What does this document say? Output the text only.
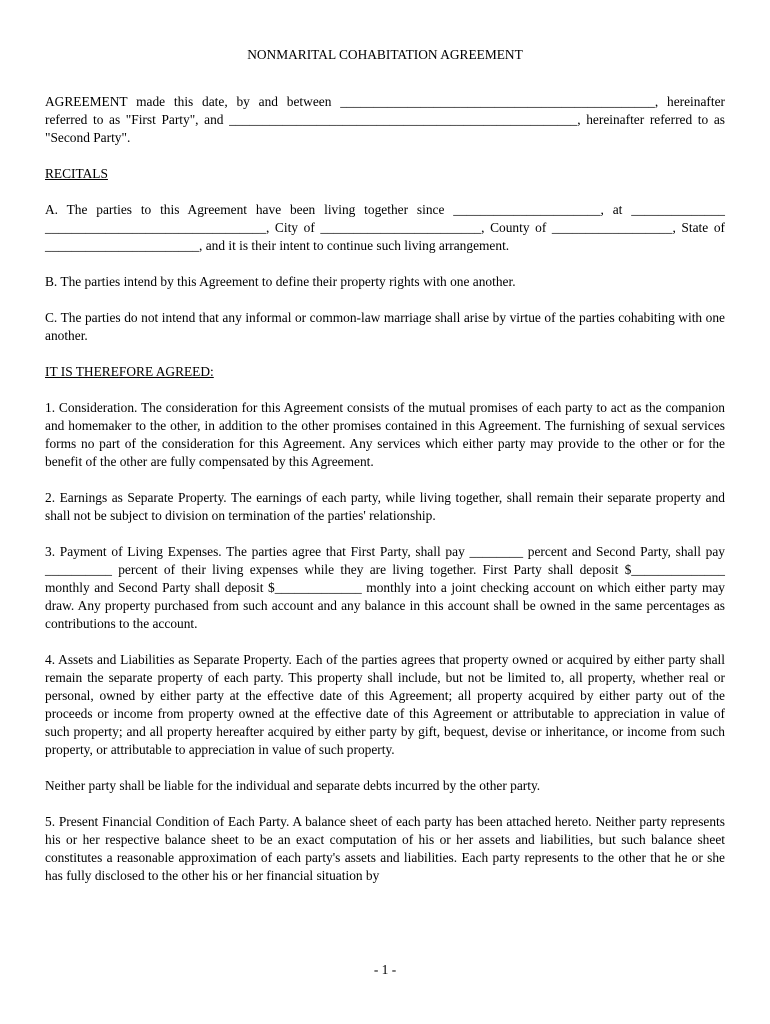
NONMARITAL COHABITATION AGREEMENT

AGREEMENT made this date, by and between _______________________________________________, hereinafter referred to as "First Party", and ____________________________________________________, hereinafter referred to as "Second Party".

RECITALS

A. The parties to this Agreement have been living together since ______________________, at ______________ _________________________________, City of ________________________, County of __________________, State of _______________________, and it is their intent to continue such living arrangement.

B. The parties intend by this Agreement to define their property rights with one another.

C. The parties do not intend that any informal or common-law marriage shall arise by virtue of the parties cohabiting with one another.

IT IS THEREFORE AGREED:

1. Consideration. The consideration for this Agreement consists of the mutual promises of each party to act as the companion and homemaker to the other, in addition to the other promises contained in this Agreement. The furnishing of sexual services forms no part of the consideration for this Agreement. Any services which either party may provide to the other or for the benefit of the other are fully compensated by this Agreement.

2. Earnings as Separate Property. The earnings of each party, while living together, shall remain their separate property and shall not be subject to division on termination of the parties' relationship.

3. Payment of Living Expenses. The parties agree that First Party, shall pay ________ percent and Second Party, shall pay __________ percent of their living expenses while they are living together. First Party shall deposit $______________ monthly and Second Party shall deposit $_____________ monthly into a joint checking account on which either party may draw. Any property purchased from such account and any balance in this account shall be owned in the same percentages as contributions to the account.

4. Assets and Liabilities as Separate Property. Each of the parties agrees that property owned or acquired by either party shall remain the separate property of each party. This property shall include, but not be limited to, all property, whether real or personal, owned by either party at the effective date of this Agreement; all property acquired by either party out of the proceeds or income from property owned at the effective date of this Agreement or attributable to appreciation in value of such property; and all property hereafter acquired by either party by gift, bequest, devise or inheritance, or income from such property, or attributable to appreciation in value of such property.

Neither party shall be liable for the individual and separate debts incurred by the other party.

5. Present Financial Condition of Each Party. A balance sheet of each party has been attached hereto. Neither party represents his or her respective balance sheet to be an exact computation of his or her assets and liabilities, but such balance sheet constitutes a reasonable approximation of each party's assets and liabilities. Each party represents to the other that he or she has fully disclosed to the other his or her financial situation by

- 1 -
